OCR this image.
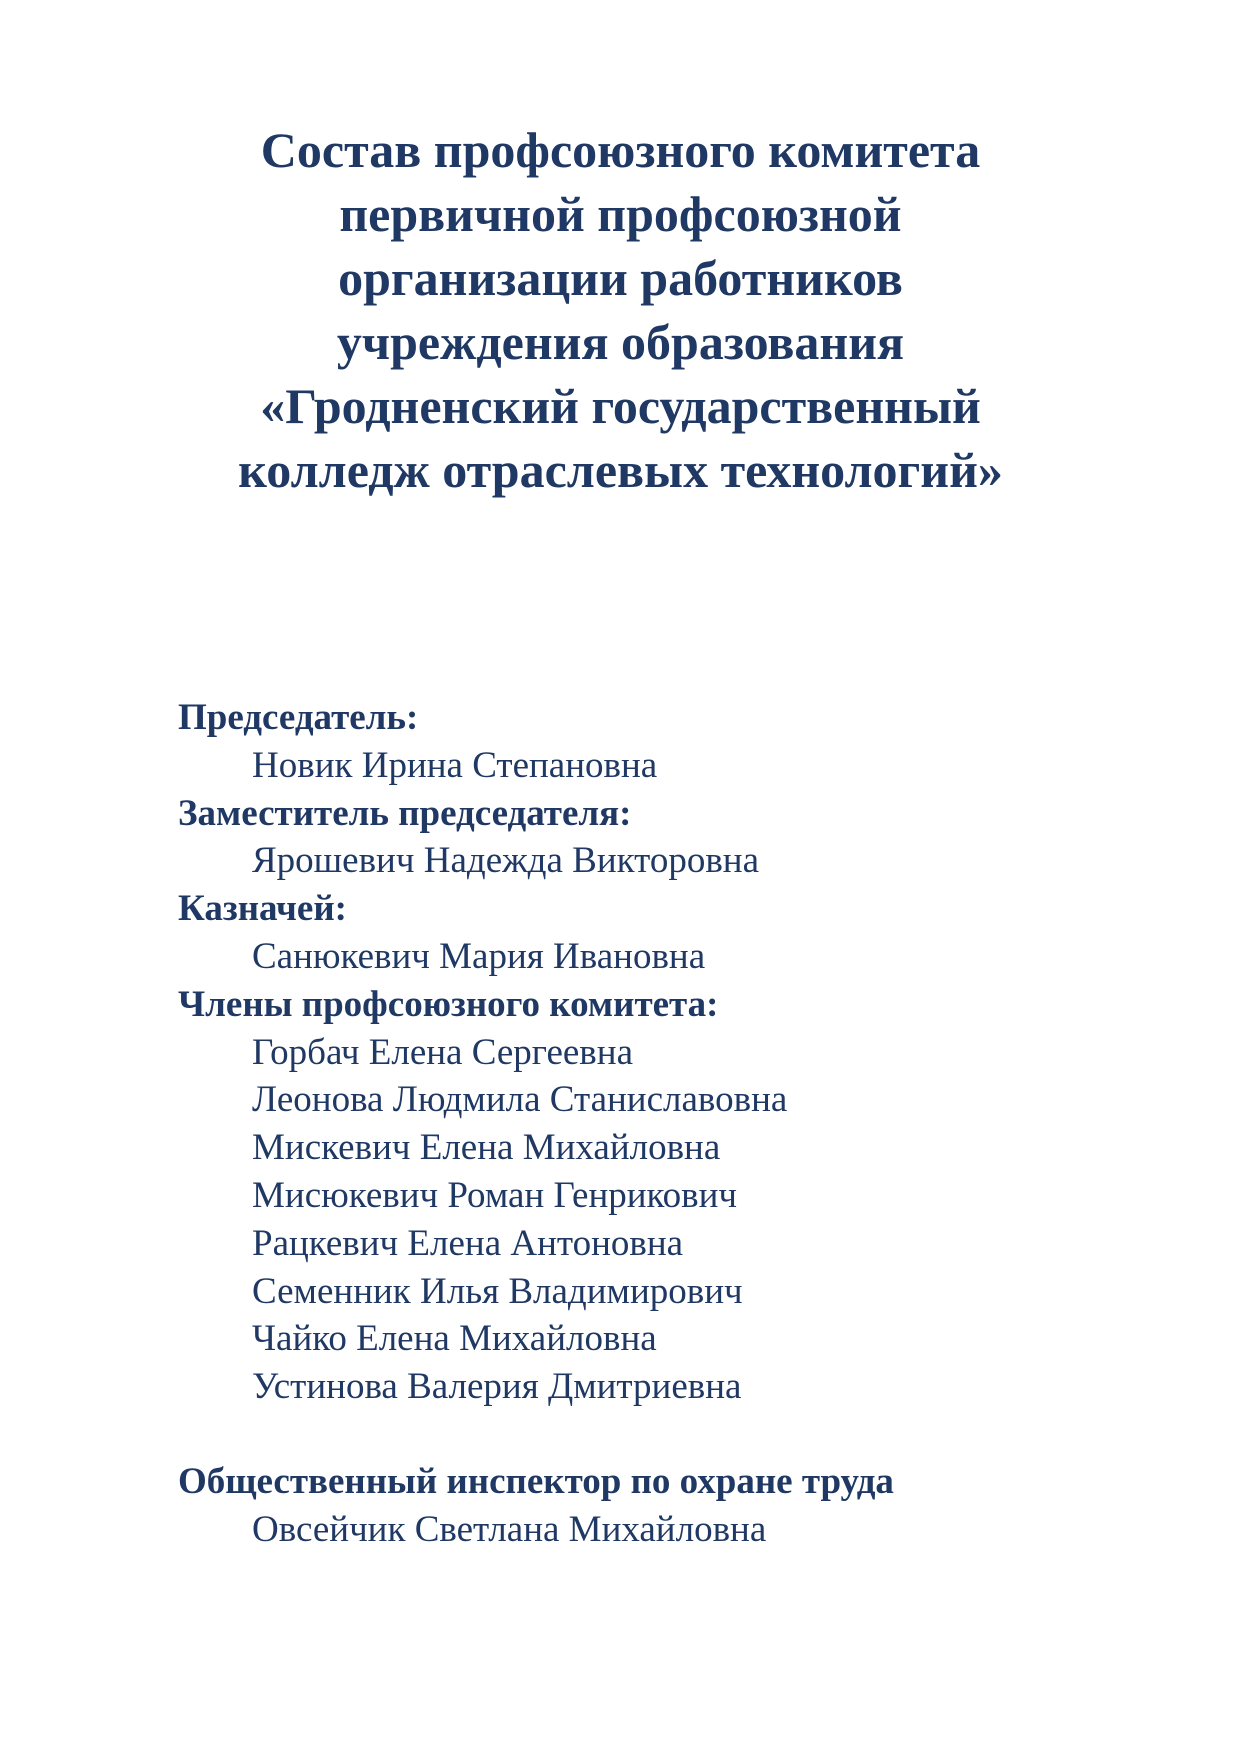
Состав профсоюзного комитета
первичной профсоюзной
организации работников
учреждения образования
«Гродненский государственный
колледж отраслевых технологий»
Председатель:
Новик Ирина Степановна
Заместитель председателя:
Ярошевич Надежда Викторовна
Казначей:
Санюкевич Мария Ивановна
Члены профсоюзного комитета:
Горбач Елена Сергеевна
Леонова Людмила Станиславовна
Мискевич Елена Михайловна
Мисюкевич Роман Генрикович
Рацкевич Елена Антоновна
Семенник Илья Владимирович
Чайко Елена Михайловна
Устинова Валерия Дмитриевна
Общественный инспектор по охране труда
Овсейчик Светлана Михайловна
